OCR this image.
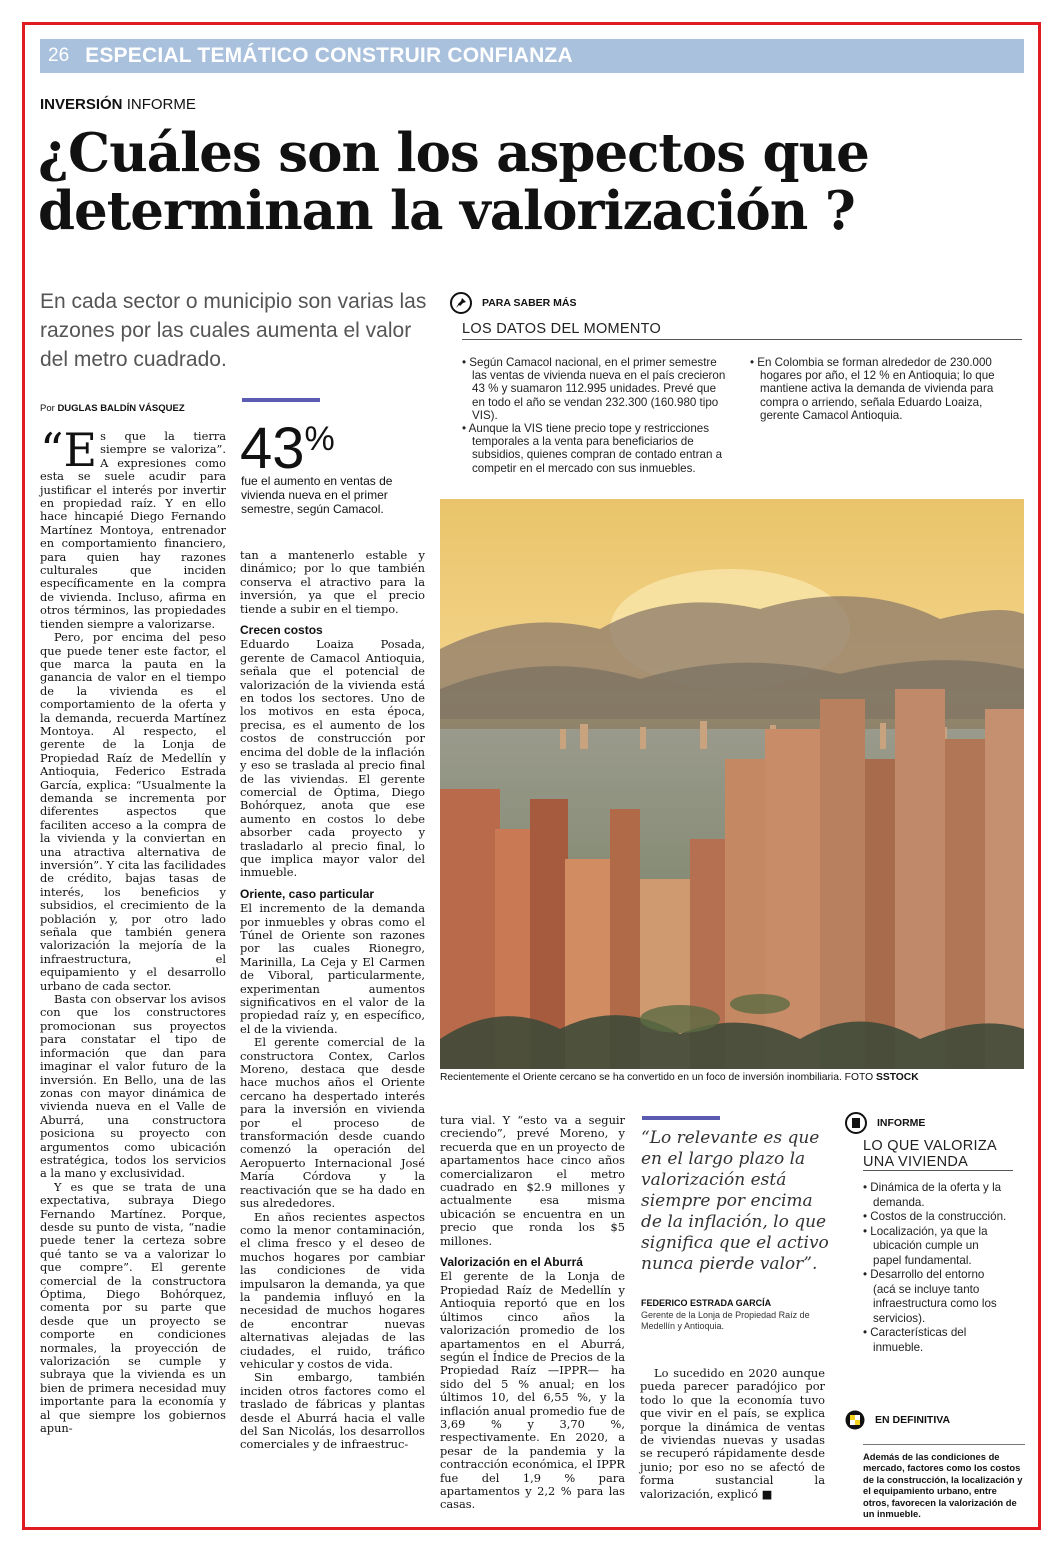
26 ESPECIAL TEMÁTICO CONSTRUIR CONFIANZA
INVERSIÓN INFORME
¿Cuáles son los aspectos que determinan la valorización ?
En cada sector o municipio son varias las razones por las cuales aumenta el valor del metro cuadrado.
Por DUGLAS BALDÍN VÁSQUEZ
43%
fue el aumento en ventas de vivienda nueva en el primer semestre, según Camacol.

“Es que la tierra siempre se valoriza”. A expresiones como esta se suele acudir para justificar el interés por invertir en propiedad raíz. Y en ello hace hincapié Diego Fernando Martínez Montoya, entrenador en comportamiento financiero, para quien hay razones culturales que inciden específicamente en la compra de vivienda. Incluso, afirma en otros términos, las propiedades tienden siempre a valorizarse.

Pero, por encima del peso que puede tener este factor, el que marca la pauta en la ganancia de valor en el tiempo de la vivienda es el comportamiento de la oferta y la demanda, recuerda Martínez Montoya. Al respecto, el gerente de la Lonja de Propiedad Raíz de Medellín y Antioquia, Federico Estrada García, explica: “Usualmente la demanda se incrementa por diferentes aspectos que faciliten acceso a la compra de la vivienda y la conviertan en una atractiva alternativa de inversión”. Y cita las facilidades de crédito, bajas tasas de interés, los beneficios y subsidios, el crecimiento de la población y, por otro lado señala que también genera valorización la mejoría de la infraestructura, el equipamiento y el desarrollo urbano de cada sector.

Basta con observar los avisos con que los constructores promocionan sus proyectos para constatar el tipo de información que dan para imaginar el valor futuro de la inversión. En Bello, una de las zonas con mayor dinámica de vivienda nueva en el Valle de Aburrá, una constructora posiciona su proyecto con argumentos como ubicación estratégica, todos los servicios a la mano y exclusividad.

Y es que se trata de una expectativa, subraya Diego Fernando Martínez. Porque, desde su punto de vista, “nadie puede tener la certeza sobre qué tanto se va a valorizar lo que compre”. El gerente comercial de la constructora Óptima, Diego Bohórquez, comenta por su parte que desde que un proyecto se comporte en condiciones normales, la proyección de valorización se cumple y subraya que la vivienda es un bien de primera necesidad muy importante para la economía y al que siempre los gobiernos apun-

tan a mantenerlo estable y dinámico; por lo que también conserva el atractivo para la inversión, ya que el precio tiende a subir en el tiempo.

Crecen costos

Eduardo Loaiza Posada, gerente de Camacol Antioquia, señala que el potencial de valorización de la vivienda está en todos los sectores. Uno de los motivos en esta época, precisa, es el aumento de los costos de construcción por encima del doble de la inflación y eso se traslada al precio final de las viviendas. El gerente comercial de Óptima, Diego Bohórquez, anota que ese aumento en costos lo debe absorber cada proyecto y trasladarlo al precio final, lo que implica mayor valor del inmueble.

Oriente, caso particular

El incremento de la demanda por inmuebles y obras como el Túnel de Oriente son razones por las cuales Rionegro, Marinilla, La Ceja y El Carmen de Viboral, particularmente, experimentan aumentos significativos en el valor de la propiedad raíz y, en específico, el de la vivienda.

El gerente comercial de la constructora Contex, Carlos Moreno, destaca que desde hace muchos años el Oriente cercano ha despertado interés para la inversión en vivienda por el proceso de transformación desde cuando comenzó la operación del Aeropuerto Internacional José María Córdova y la reactivación que se ha dado en sus alrededores.

En años recientes aspectos como la menor contaminación, el clima fresco y el deseo de muchos hogares por cambiar las condiciones de vida impulsaron la demanda, ya que la pandemia influyó en la necesidad de muchos hogares de encontrar nuevas alternativas alejadas de las ciudades, el ruido, tráfico vehicular y costos de vida.

Sin embargo, también inciden otros factores como el traslado de fábricas y plantas desde el Aburrá hacia el valle del San Nicolás, los desarrollos comerciales y de infraestruc-

PARA SABER MÁS
LOS DATOS DEL MOMENTO
• Según Camacol nacional, en el primer semestre las ventas de vivienda nueva en el país crecieron 43 % y suamaron 112.995 unidades. Prevé que en todo el año se vendan 232.300 (160.980 tipo VIS).
• Aunque la VIS tiene precio tope y restricciones temporales a la venta para beneficiarios de subsidios, quienes compran de contado entran a competir en el mercado con sus inmuebles.
• En Colombia se forman alrededor de 230.000 hogares por año, el 12 % en Antioquia; lo que mantiene activa la demanda de vivienda para compra o arriendo, señala Eduardo Loaiza, gerente Camacol Antioquia.
Recientemente el Oriente cercano se ha convertido en un foco de inversión inombiliaria. FOTO SSTOCK

tura vial. Y “esto va a seguir creciendo”, prevé Moreno, y recuerda que en un proyecto de apartamentos hace cinco años comercializaron el metro cuadrado en $2.9 millones y actualmente esa misma ubicación se encuentra en un precio que ronda los $5 millones.

Valorización en el Aburrá

El gerente de la Lonja de Propiedad Raíz de Medellín y Antioquia reportó que en los últimos cinco años la valorización promedio de los apartamentos en el Aburrá, según el Índice de Precios de la Propiedad Raíz —IPPR— ha sido del 5 % anual; en los últimos 10, del 6,55 %, y la inflación anual promedio fue de 3,69 % y 3,70 %, respectivamente. En 2020, a pesar de la pandemia y la contracción económica, el IPPR fue del 1,9 % para apartamentos y 2,2 % para las casas.

“Lo relevante es que en el largo plazo la valorización está siempre por encima de la inflación, lo que significa que el activo nunca pierde valor”.
FEDERICO ESTRADA GARCÍA
Gerente de la Lonja de Propiedad Raíz de Medellín y Antioquia.

Lo sucedido en 2020 aunque pueda parecer paradójico por todo lo que la economía tuvo que vivir en el país, se explica porque la dinámica de ventas de viviendas nuevas y usadas se recuperó rápidamente desde junio; por eso no se afectó de forma sustancial la valorización, explicó ■

INFORME
LO QUE VALORIZA
UNA VIVIENDA
• Dinámica de la oferta y la demanda.
• Costos de la construcción.
• Localización, ya que la ubicación cumple un papel fundamental.
• Desarrollo del entorno (acá se incluye tanto infraestructura como los servicios).
• Características del inmueble.
EN DEFINITIVA
Además de las condiciones de mercado, factores como los costos de la construcción, la localización y el equipamiento urbano, entre otros, favorecen la valorización de un inmueble.
